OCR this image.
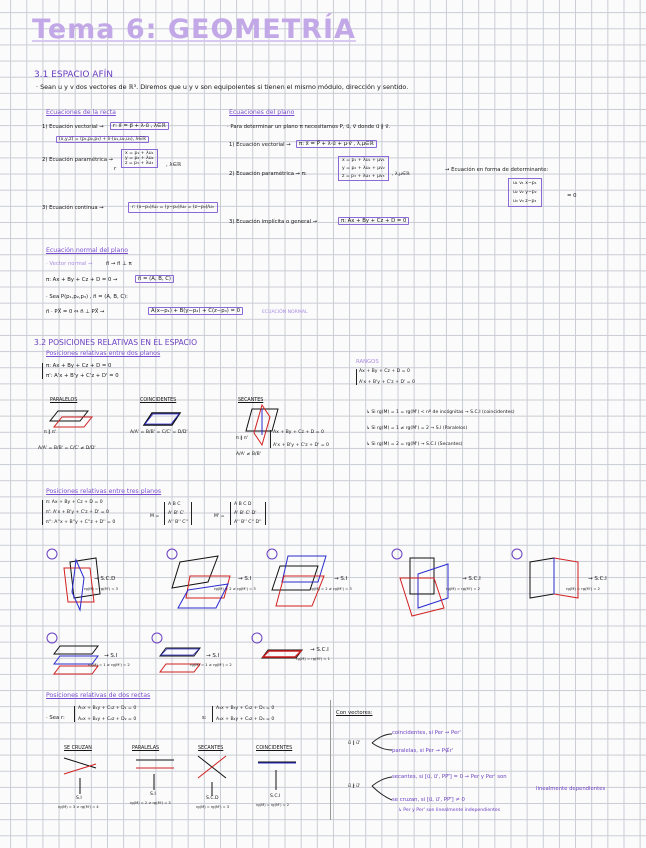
Tema 6: GEOMETRÍA
3.1 ESPACIO AFÍN
· Sean u y v dos vectores de ℝ³. Diremos que u y v son equipolentes si tienen el mismo módulo, dirección y sentido.
Ecuaciones de la recta
1) Ecuación vectorial →	r: x⃗ = p⃗ + λ·u⃗ , λ∈ℝ
(x,y,z) = (p₁,p₂,p₃) + λ·(u₁,u₂,u₃), λ∈ℝ
2) Ecuación paramétrica →
r
x = p₁ + λu₁
y = p₂ + λu₂
z = p₃ + λu₃ , λ∈ℝ
3) Ecuación continua →	r: (x−p₁)/u₁ = (y−p₂)/u₂ = (z−p₃)/u₃
Ecuaciones del plano
· Para determinar un plano π necesitamos P, u⃗, v⃗ donde u⃗ ∦ v⃗.
1) Ecuación vectorial →	π: x⃗ = P⃗ + λ·u⃗ + μ·v⃗ , λ,μ∈ℝ
2) Ecuación paramétrica → π:
x = p₁ + λu₁ + μv₁
y = p₂ + λu₂ + μv₂
z = p₃ + λu₃ + μv₃ , λ,μ∈ℝ
→ Ecuación en forma de determinante:
u₁ v₁ x−p₁
u₂ v₂ y−p₂
u₃ v₃ z−p₃
= 0
3) Ecuación implícita o general →	π: Ax + By + Cz + D = 0
Ecuación normal del plano
· Vector normal →	n⃗ → n⃗ ⊥ π
π: Ax + By + Cz + D = 0 →	n⃗ = (A, B, C)
· Sea P(p₁,p₂,p₃) , n⃗ = (A, B, C):
n⃗ · PX⃗ = 0 ⇔ n⃗ ⊥ PX⃗ →	A(x−p₁) + B(y−p₂) + C(z−p₃) = 0	ECUACIÓN NORMAL
3.2 POSICIONES RELATIVAS EN EL ESPACIO
Posiciones relativas entre dos planos
π: Ax + By + Cz + D = 0
π': A'x + B'y + C'z + D' = 0
PARALELOS	COINCIDENTES	SECANTES
π ∥ π'
A/A' = B/B' = C/C' ≠ D/D'
A/A' = B/B' = C/C' = D/D'
π ∦ π'
A/A' ≠ B/B'
Ax + By + Cz + D = 0
A'x + B'y + C'z + D' = 0
RANGOS
Ax + By + Cz + D = 0
A'x + B'y + C'z + D' = 0
↳ Si rg(M) = 1 = rg(M') < nº de incógnitas → S.C.I (coincidentes)
↳ Si rg(M) = 1 ≠ rg(M') = 2 → S.I (Paralelos)
↳ Si rg(M) = 2 = rg(M') → S.C.I (Secantes)
Posiciones relativas entre tres planos
π: Ax + By + Cz + D = 0
π': A'x + B'y + C'z + D' = 0
π'': A''x + B''y + C''z + D'' = 0
M =
A B C
A' B' C'
A'' B'' C''
M' =
A B C D
A' B' C' D'
A'' B'' C'' D''
→ S.C.D
rg(M) = rg(M') = 3
→ S.I
rg(M) = 2 ≠ rg(M') = 3
→ S.I
rg(M) = 2 ≠ rg(M') = 3
→ S.C.I
rg(M) = rg(M') = 2
→ S.C.I
rg(M) = rg(M') = 2
→ S.I
rg(M) = 1 ≠ rg(M') = 2
→ S.I
rg(M) = 1 ≠ rg(M') = 2
→ S.C.I
rg(M) = rg(M') = 1
Posiciones relativas de dos rectas
· Sea r:
A₁x + B₁y + C₁z + D₁ = 0
A₂x + B₂y + C₂z + D₂ = 0	s:
A₃x + B₃y + C₃z + D₃ = 0
A₄x + B₄y + C₄z + D₄ = 0
SE CRUZAN	PARALELAS	SECANTES	COINCIDENTES
S.I
rg(M) = 3 ≠ rg(M') = 4
S.I
rg(M) = 2 ≠ rg(M') = 3
S.C.D
rg(M) = rg(M') = 3
S.C.I
rg(M) = rg(M') = 2
Con vectores:
u⃗ ∥ u⃗'
coincidentes, si Per → Per'
paralelas, si Per → P∉r'
u⃗ ∦ u⃗'
secantes, si [u⃗, u⃗', PP'⃗] = 0 → Per y Per' son
linealmente dependientes
se cruzan, si [u⃗, u⃗', PP'⃗] ≠ 0
↳ Per y Per' son linealmente independientes
